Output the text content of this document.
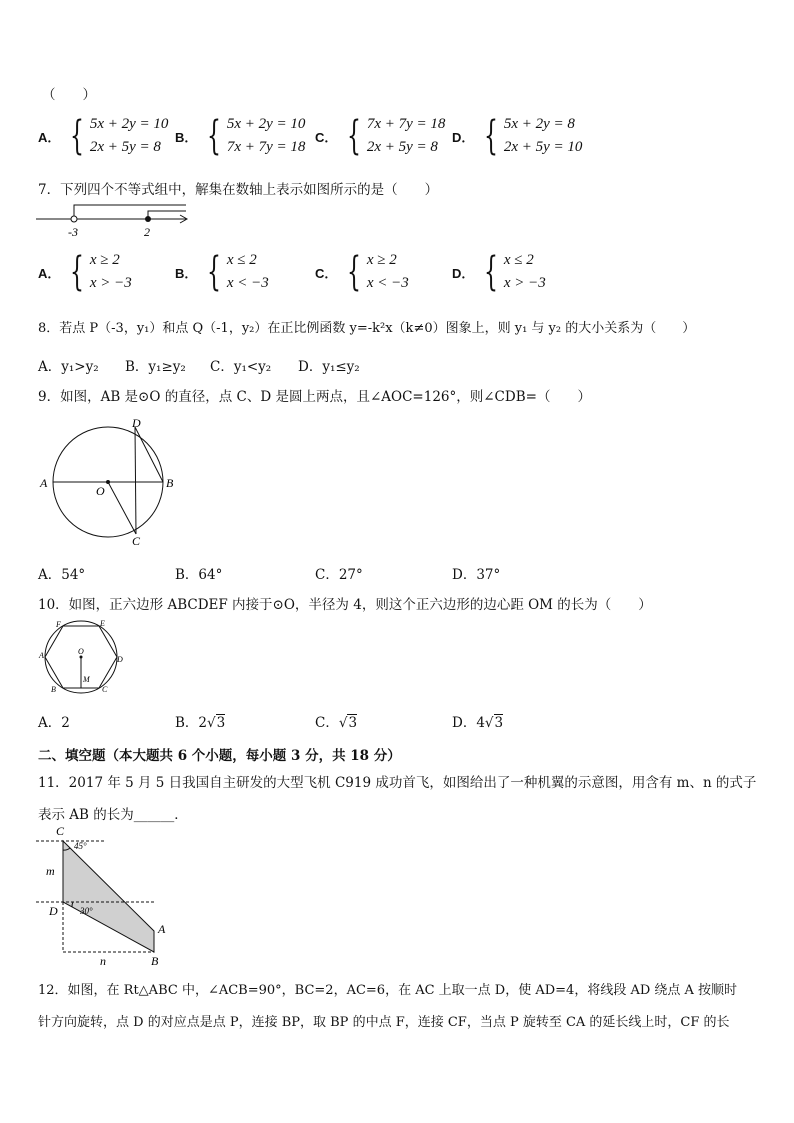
（　　）
A． { 5x + 2y = 10
2x + 5y = 8
B． { 5x + 2y = 10
7x + 7y = 18
C． { 7x + 7y = 18
2x + 5y = 8
D． { 5x + 2y = 8
2x + 5y = 10
7．下列四个不等式组中，解集在数轴上表示如图所示的是（　　）
-3	2
A． { x ≥ 2
x > −3
B． { x ≤ 2
x < −3
C． { x ≥ 2
x < −3
D． { x ≤ 2
x > −3
8．若点 P（-3，y₁）和点 Q（-1，y₂）在正比例函数 y=-k²x（k≠0）图象上，则 y₁ 与 y₂ 的大小关系为（　　）
A．y₁>y₂ B．y₁≥y₂ C．y₁<y₂ D．y₁≤y₂
9．如图，AB 是⊙O 的直径，点 C、D 是圆上两点，且∠AOC=126°，则∠CDB=（　　）
A	B
C
D
O
A．54°	B．64°	C．27°	D．37°
10．如图，正六边形 ABCDEF 内接于⊙O，半径为 4，则这个正六边形的边心距 OM 的长为（　　）
A
B	C
D
E
F
O
M
A．2	B．2√3	C．√3	D．4√3
二、填空题（本大题共 6 个小题，每小题 3 分，共 18 分）
11．2017 年 5 月 5 日我国自主研发的大型飞机 C919 成功首飞，如图给出了一种机翼的示意图，用含有 m、n 的式子
表示 AB 的长为______．
C
D
A
B
m
n
45°
30°
12．如图，在 Rt△ABC 中，∠ACB=90°，BC=2，AC=6，在 AC 上取一点 D，使 AD=4，将线段 AD 绕点 A 按顺时
针方向旋转，点 D 的对应点是点 P，连接 BP，取 BP 的中点 F，连接 CF，当点 P 旋转至 CA 的延长线上时，CF 的长
